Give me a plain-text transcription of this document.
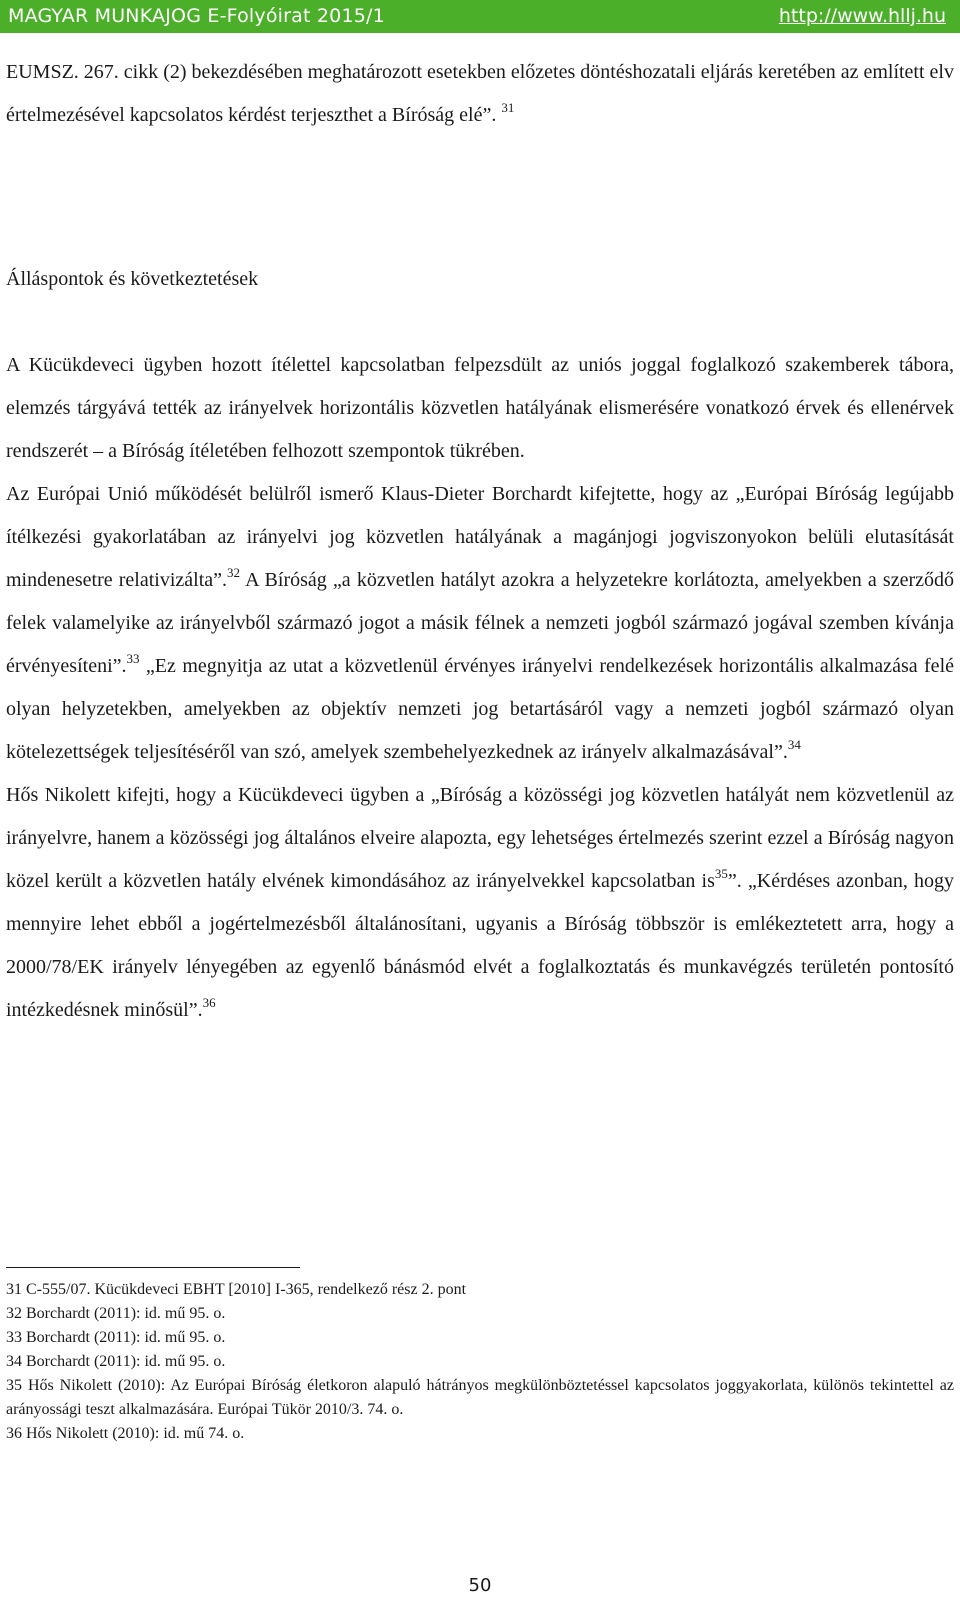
MAGYAR MUNKAJOG E-Folyóirat 2015/1	http://www.hllj.hu

EUMSZ. 267. cikk (2) bekezdésében meghatározott esetekben előzetes döntéshozatali eljárás keretében az említett elv értelmezésével kapcsolatos kérdést terjeszthet a Bíróság elé”. $^{31}$

Álláspontok és következtetések

A Kücükdeveci ügyben hozott ítélettel kapcsolatban felpezsdült az uniós joggal foglalkozó szakemberek tábora, elemzés tárgyává tették az irányelvek horizontális közvetlen hatályának elismerésére vonatkozó érvek és ellenérvek rendszerét – a Bíróság ítéletében felhozott szempontok tükrében.

Az Európai Unió működését belülről ismerő Klaus-Dieter Borchardt kifejtette, hogy az „Európai Bíróság legújabb ítélkezési gyakorlatában az irányelvi jog közvetlen hatályának a magánjogi jogviszonyokon belüli elutasítását mindenesetre relativizálta”.$^{32}$ A Bíróság „a közvetlen hatályt azokra a helyzetekre korlátozta, amelyekben a szerződő felek valamelyike az irányelvből származó jogot a másik félnek a nemzeti jogból származó jogával szemben kívánja érvényesíteni”.$^{33}$ „Ez megnyitja az utat a közvetlenül érvényes irányelvi rendelkezések horizontális alkalmazása felé olyan helyzetekben, amelyekben az objektív nemzeti jog betartásáról vagy a nemzeti jogból származó olyan kötelezettségek teljesítéséről van szó, amelyek szembehelyezkednek az irányelv alkalmazásával”.$^{34}$

Hős Nikolett kifejti, hogy a Kücükdeveci ügyben a „Bíróság a közösségi jog közvetlen hatályát nem közvetlenül az irányelvre, hanem a közösségi jog általános elveire alapozta, egy lehetséges értelmezés szerint ezzel a Bíróság nagyon közel került a közvetlen hatály elvének kimondásához az irányelvekkel kapcsolatban $is^{35}$”. „Kérdéses azonban, hogy mennyire lehet ebből a jogértelmezésből általánosítani, ugyanis a Bíróság többször is emlékeztetett arra, hogy a 2000/78/EK irányelv lényegében az egyenlő bánásmód elvét a foglalkoztatás és munkavégzés területén pontosító intézkedésnek minősül”.$^{36}$

31 C-555/07. Kücükdeveci EBHT [2010] I-365, rendelkező rész 2. pont
32 Borchardt (2011): id. mű 95. o.
33 Borchardt (2011): id. mű 95. o.
34 Borchardt (2011): id. mű 95. o.
35 Hős Nikolett (2010): Az Európai Bíróság életkoron alapuló hátrányos megkülönböztetéssel kapcsolatos joggyakorlata, különös tekintettel az arányossági teszt alkalmazására. Európai Tükör 2010/3. 74. o.
36 Hős Nikolett (2010): id. mű 74. o.
50
